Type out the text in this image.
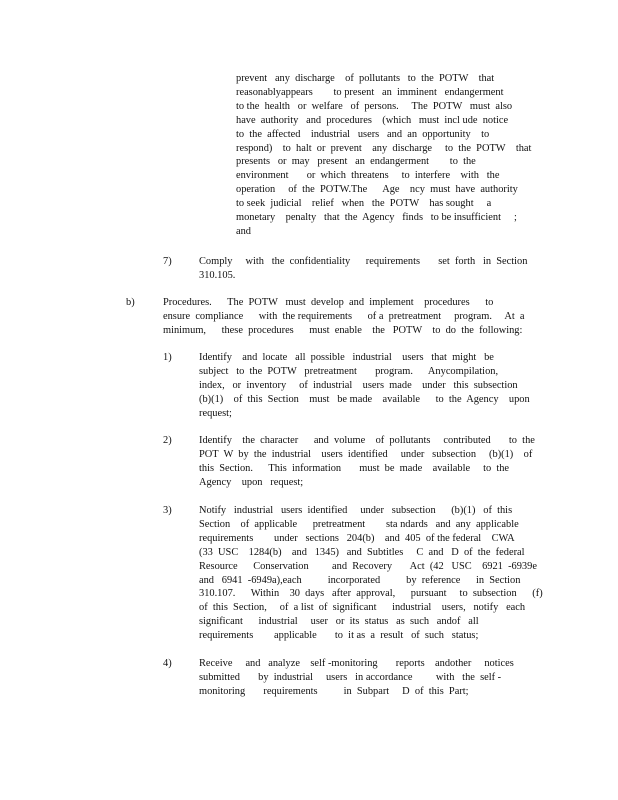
prevent   any  discharge    of  pollutants   to  the  POTW    that
reasonablyappears        to present   an  imminent   endangerment
to the  health   or  welfare   of  persons.     The  POTW   must  also
have  authority   and  procedures    (which   must  incl ude  notice
to  the  affected    industrial   users   and  an  opportunity    to
respond)    to  halt  or  prevent    any  discharge     to  the  POTW    that
presents   or  may   present   an  endangerment        to  the
environment       or  which  threatens     to  interfere    with   the
operation     of  the  POTW.The      Age    ncy  must  have  authority
to seek  judicial    relief   when   the  POTW    has sought     a
monetary    penalty   that  the  Agency   finds   to be insufficient     ;
and
7)	Comply     with   the  confidentiality      requirements       set  forth   in  Section
310.105.
b)	Procedures.      The  POTW   must  develop  and  implement    procedures      to
ensure  compliance      with  the requirements      of a  pretreatment     program.     At  a
minimum,      these  procedures      must  enable    the   POTW    to  do  the  following:
1)	Identify    and  locate   all  possible   industrial    users   that  might   be
subject   to  the  POTW   pretreatment       program.      Anycompilation,
index,   or  inventory     of  industrial    users  made    under   this  subsection
(b)(1)    of  this  Section    must   be made    available      to  the  Agency    upon
request;
2)	Identify    the  character      and  volume    of  pollutants     contributed       to  the
POT  W  by  the  industrial    users  identified     under   subsection     (b)(1)    of
this  Section.      This  information       must  be  made    available     to  the
Agency    upon   request;
3)	Notify   industrial   users  identified     under   subsection      (b)(1)   of  this
Section    of  applicable      pretreatment        sta ndards   and  any  applicable
requirements        under   sections   204(b)    and  405  of the federal    CWA
(33  USC    1284(b)    and   1345)   and  Subtitles     C  and   D  of  the  federal
Resource      Conservation         and  Recovery       Act  (42   USC    6921  -6939e
and   6941  -6949a),each          incorporated          by  reference      in  Section
310.107.      Within    30  days   after  approval,      pursuant     to  subsection      (f)
of  this  Section,     of  a list  of  significant      industrial    users,   notify   each
significant      industrial     user   or  its  status   as  such   andof   all
requirements        applicable       to  it as  a  result   of  such   status;
4)	Receive     and   analyze    self -monitoring       reports    andother     notices
submitted       by  industrial     users   in accordance         with   the  self -
monitoring       requirements          in  Subpart     D  of  this  Part;
